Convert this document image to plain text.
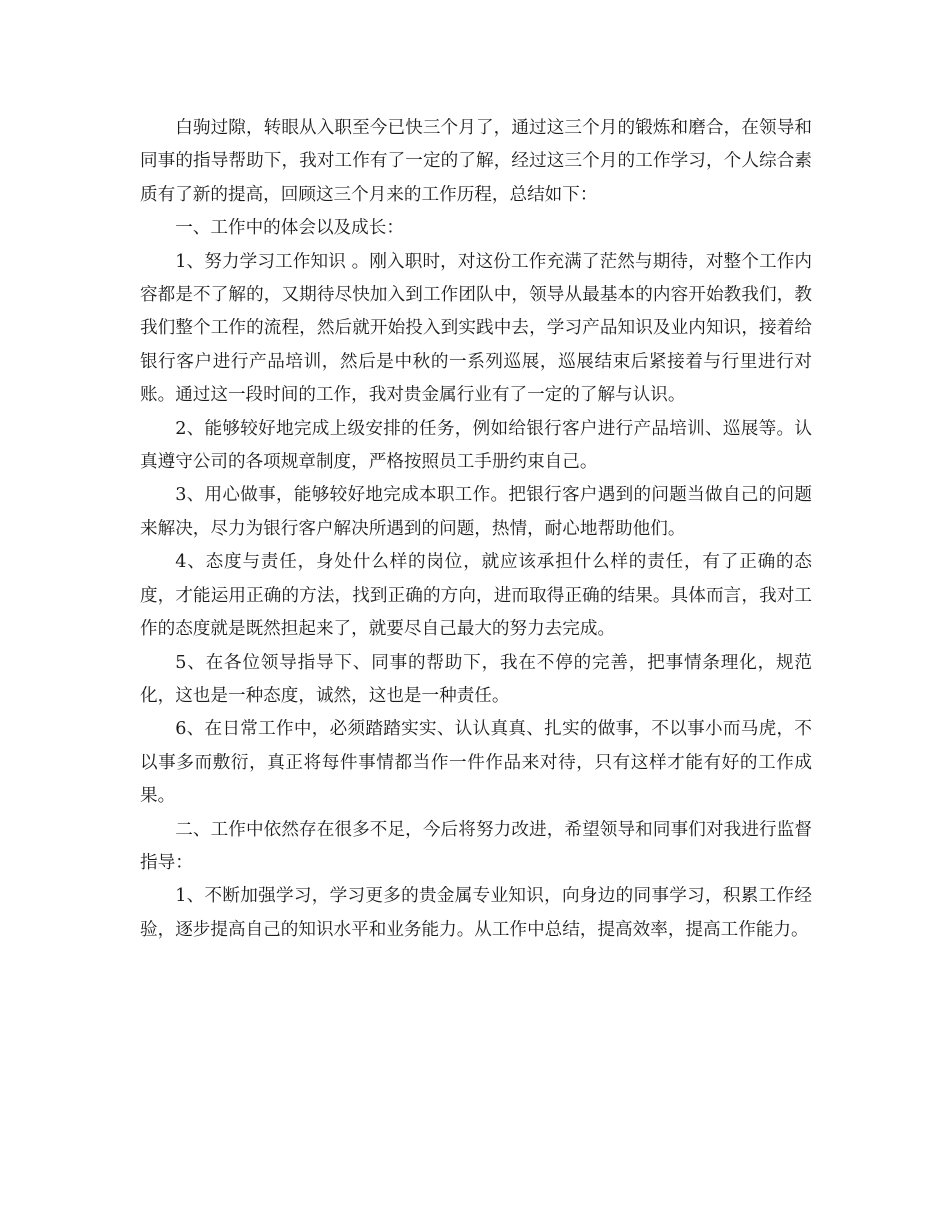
白驹过隙，转眼从入职至今已快三个月了，通过这三个月的锻炼和磨合，在领导和同事的指导帮助下，我对工作有了一定的了解，经过这三个月的工作学习，个人综合素质有了新的提高，回顾这三个月来的工作历程，总结如下：

一、工作中的体会以及成长：

1、努力学习工作知识 。刚入职时，对这份工作充满了茫然与期待，对整个工作内容都是不了解的，又期待尽快加入到工作团队中，领导从最基本的内容开始教我们，教我们整个工作的流程，然后就开始投入到实践中去，学习产品知识及业内知识，接着给银行客户进行产品培训，然后是中秋的一系列巡展，巡展结束后紧接着与行里进行对账。通过这一段时间的工作，我对贵金属行业有了一定的了解与认识。

2、能够较好地完成上级安排的任务，例如给银行客户进行产品培训、巡展等。认真遵守公司的各项规章制度，严格按照员工手册约束自己。

3、用心做事，能够较好地完成本职工作。把银行客户遇到的问题当做自己的问题来解决，尽力为银行客户解决所遇到的问题，热情，耐心地帮助他们。

4、态度与责任，身处什么样的岗位，就应该承担什么样的责任，有了正确的态度，才能运用正确的方法，找到正确的方向，进而取得正确的结果。具体而言，我对工作的态度就是既然担起来了，就要尽自己最大的努力去完成。

5、在各位领导指导下、同事的帮助下，我在不停的完善，把事情条理化，规范化，这也是一种态度，诚然，这也是一种责任。

6、在日常工作中，必须踏踏实实、认认真真、扎实的做事，不以事小而马虎，不以事多而敷衍，真正将每件事情都当作一件作品来对待，只有这样才能有好的工作成果。

二、工作中依然存在很多不足，今后将努力改进，希望领导和同事们对我进行监督指导：

1、不断加强学习，学习更多的贵金属专业知识，向身边的同事学习，积累工作经验，逐步提高自己的知识水平和业务能力。从工作中总结，提高效率，提高工作能力。
